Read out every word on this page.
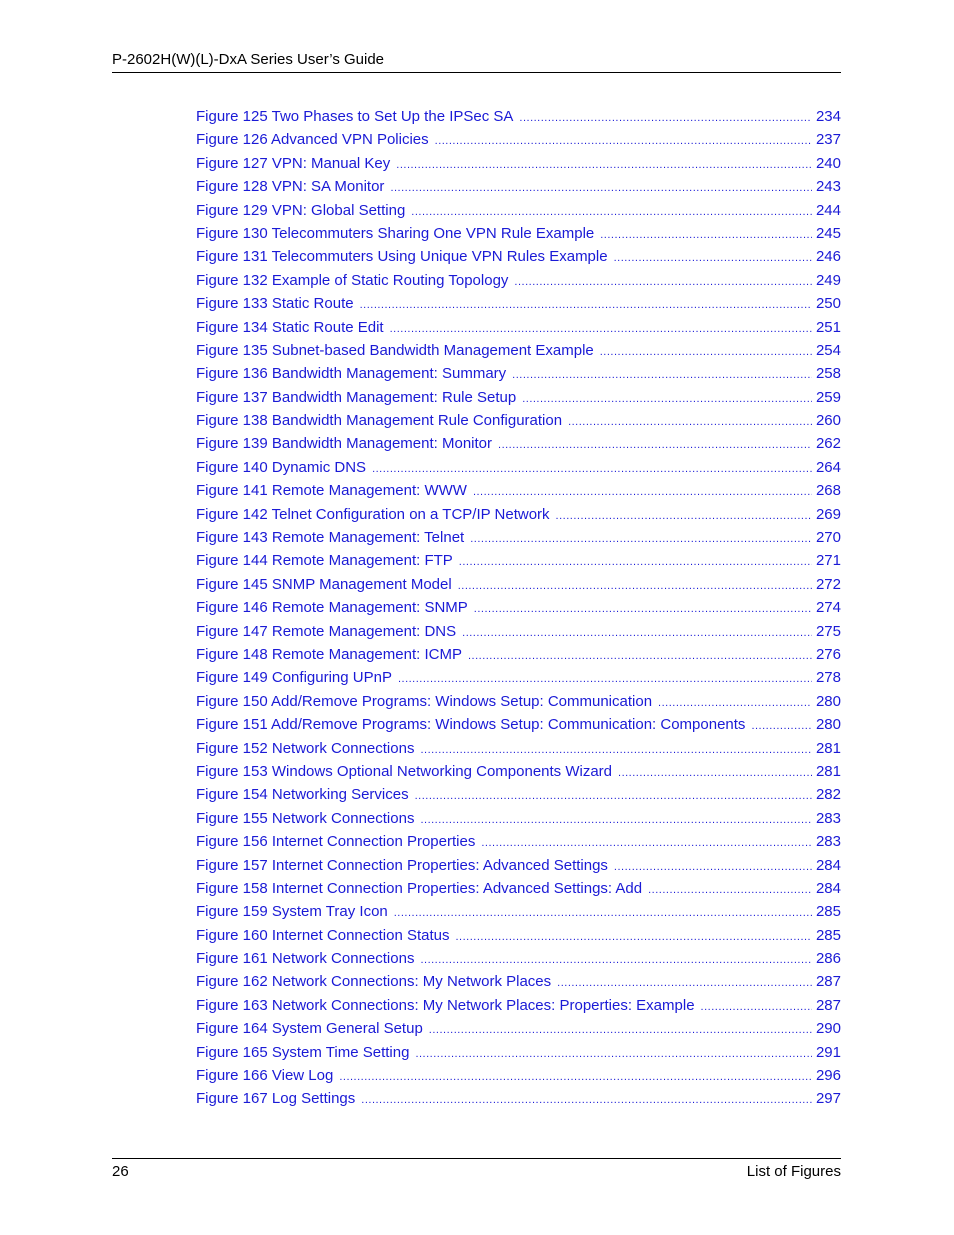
P-2602H(W)(L)-DxA Series User’s Guide
Figure 125 Two Phases to Set Up the IPSec SA .....	234
Figure 126 Advanced VPN Policies .....	237
Figure 127 VPN: Manual Key .....	240
Figure 128 VPN: SA Monitor .....	243
Figure 129 VPN: Global Setting .....	244
Figure 130 Telecommuters Sharing One VPN Rule Example .....	245
Figure 131 Telecommuters Using Unique VPN Rules Example .....	246
Figure 132 Example of Static Routing Topology .....	249
Figure 133 Static Route .....	250
Figure 134 Static Route Edit .....	251
Figure 135 Subnet-based Bandwidth Management Example .....	254
Figure 136 Bandwidth Management: Summary .....	258
Figure 137 Bandwidth Management: Rule Setup .....	259
Figure 138 Bandwidth Management Rule Configuration .....	260
Figure 139 Bandwidth Management: Monitor .....	262
Figure 140 Dynamic DNS .....	264
Figure 141 Remote Management: WWW .....	268
Figure 142 Telnet Configuration on a TCP/IP Network .....	269
Figure 143 Remote Management: Telnet .....	270
Figure 144 Remote Management: FTP .....	271
Figure 145 SNMP Management Model .....	272
Figure 146 Remote Management: SNMP .....	274
Figure 147 Remote Management: DNS .....	275
Figure 148 Remote Management: ICMP .....	276
Figure 149 Configuring UPnP .....	278
Figure 150 Add/Remove Programs: Windows Setup: Communication .....	280
Figure 151 Add/Remove Programs: Windows Setup: Communication: Components .....	280
Figure 152 Network Connections .....	281
Figure 153 Windows Optional Networking Components Wizard .....	281
Figure 154 Networking Services .....	282
Figure 155 Network Connections .....	283
Figure 156 Internet Connection Properties .....	283
Figure 157 Internet Connection Properties: Advanced Settings .....	284
Figure 158 Internet Connection Properties: Advanced Settings: Add .....	284
Figure 159 System Tray Icon .....	285
Figure 160 Internet Connection Status .....	285
Figure 161 Network Connections .....	286
Figure 162 Network Connections: My Network Places .....	287
Figure 163 Network Connections: My Network Places: Properties: Example .....	287
Figure 164 System General Setup .....	290
Figure 165 System Time Setting .....	291
Figure 166 View Log .....	296
Figure 167 Log Settings .....	297
26	List of Figures
